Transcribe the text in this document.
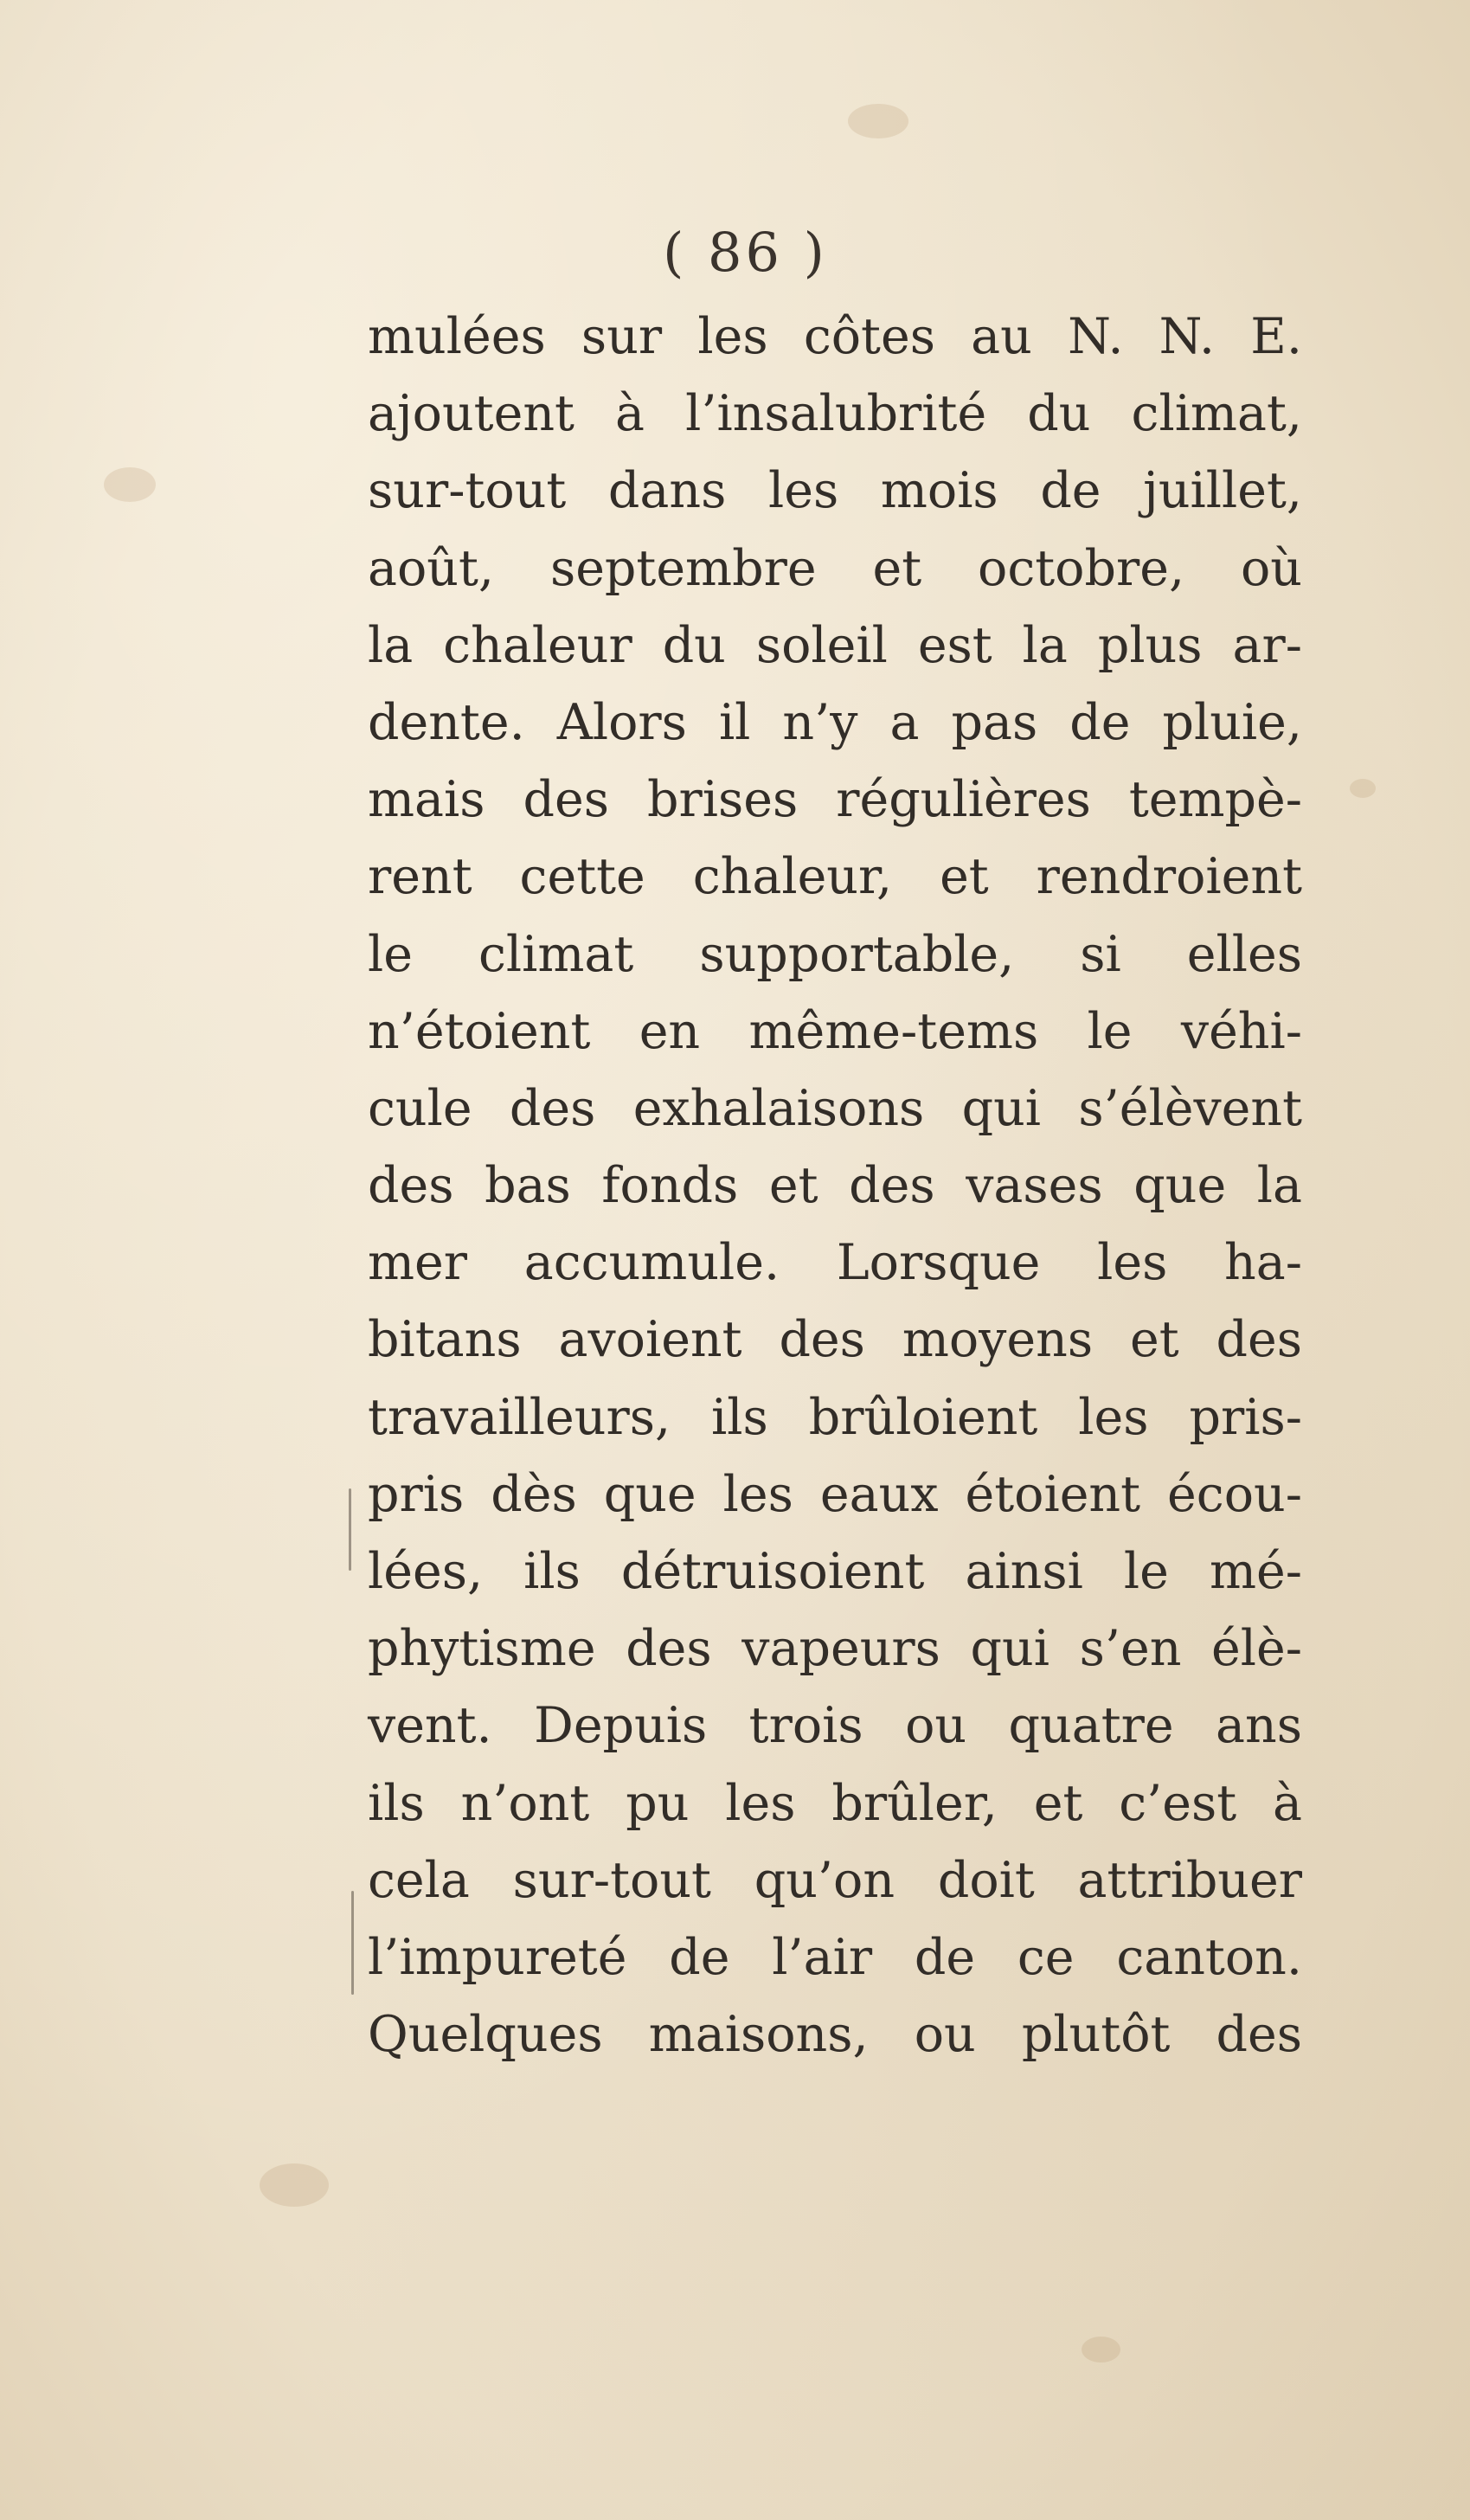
( 86 )
mulées sur les côtes au N. N. E.
ajoutent à l’insalubrité du climat,
sur-tout dans les mois de juillet,
août, septembre et octobre, où
la chaleur du soleil est la plus ar-
dente. Alors il n’y a pas de pluie,
mais des brises régulières tempè-
rent cette chaleur, et rendroient
le climat supportable, si elles
n’étoient en même-tems le véhi-
cule des exhalaisons qui s’élèvent
des bas fonds et des vases que la
mer accumule. Lorsque les ha-
bitans avoient des moyens et des
travailleurs, ils brûloient les pris-
pris dès que les eaux étoient écou-
lées, ils détruisoient ainsi le mé-
phytisme des vapeurs qui s’en élè-
vent. Depuis trois ou quatre ans
ils n’ont pu les brûler, et c’est à
cela sur-tout qu’on doit attribuer
l’impureté de l’air de ce canton.
Quelques maisons, ou plutôt des
